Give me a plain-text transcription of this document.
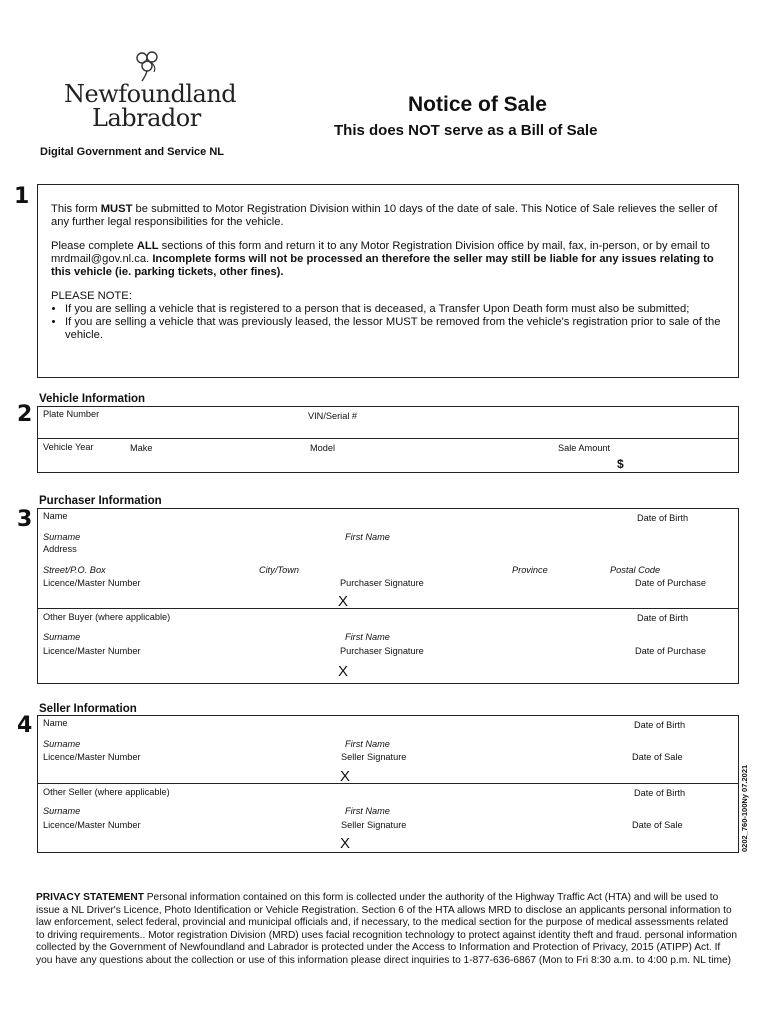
Newfoundland
Labrador	Notice of Sale
This does NOT serve as a Bill of Sale
Digital Government and Service NL
1 This form MUST be submitted to Motor Registration Division within 10 days of the date of sale. This Notice of Sale relieves the seller of any further legal responsibilities for the vehicle.
Please complete ALL sections of this form and return it to any Motor Registration Division office by mail, fax, in-person, or by email to mrdmail@gov.nl.ca. Incomplete forms will not be processed an therefore the seller may still be liable for any issues relating to this vehicle (ie. parking tickets, other fines).
PLEASE NOTE:
• If you are selling a vehicle that is registered to a person that is deceased, a Transfer Upon Death form must also be submitted;
• If you are selling a vehicle that was previously leased, the lessor MUST be removed from the vehicle's registration prior to sale of the vehicle.
2
Vehicle Information
Plate Number	VIN/Serial #
Vehicle Year	Make	Model	Sale Amount
$
3
Purchaser Information
Name	Date of Birth
Surname	First Name
Address
Street/P.O. Box	City/Town	Province	Postal Code
Licence/Master Number	Purchaser Signature	Date of Purchase
X
Other Buyer (where applicable)	Date of Birth
Surname	First Name
Licence/Master Number	Purchaser Signature	Date of Purchase
X
4
Seller Information
Name	Date of Birth
Surname	First Name
Licence/Master Number	Seller Signature	Date of Sale
X
Other Seller (where applicable)	Date of Birth
Surname	First Name
Licence/Master Number	Seller Signature	Date of Sale
X	0202_760-100Ny 07.2021
PRIVACY STATEMENT Personal information contained on this form is collected under the authority of the Highway Traffic Act (HTA) and will be used to issue a NL Driver's Licence, Photo Identification or Vehicle Registration. Section 6 of the HTA allows MRD to disclose an applicants personal information to law enforcement, select federal, provincial and municipal officials and, if necessary, to the medical section for the purpose of medical assessments related to driving requirements.. Motor registration Division (MRD) uses facial recognition technology to protect against identity theft and fraud. personal information collected by the Government of Newfoundland and Labrador is protected under the Access to Information and Protection of Privacy, 2015 (ATIPP) Act. If you have any questions about the collection or use of this information please direct inquiries to 1-877-636-6867 (Mon to Fri 8:30 a.m. to 4:00 p.m. NL time)
